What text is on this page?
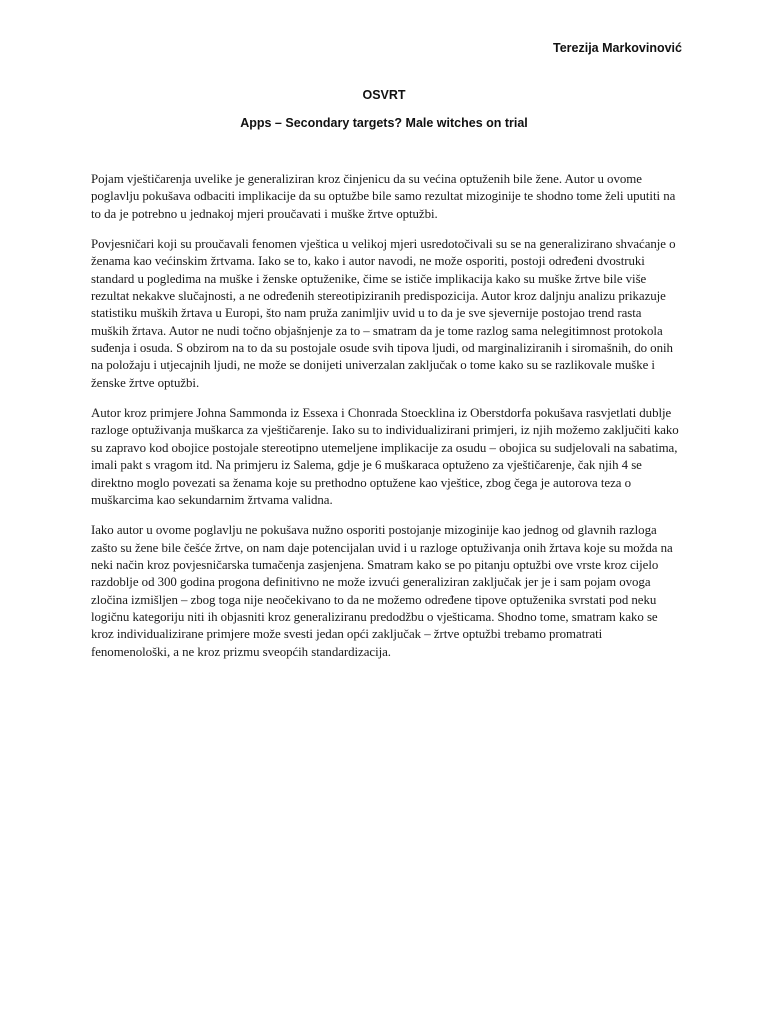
Terezija Markovinović
OSVRT
Apps – Secondary targets? Male witches on trial

Pojam vještičarenja uvelike je generaliziran kroz činjenicu da su većina optuženih bile žene. Autor u ovome poglavlju pokušava odbaciti implikacije da su optužbe bile samo rezultat mizoginije te shodno tome želi uputiti na to da je potrebno u jednakoj mjeri proučavati i muške žrtve optužbi.

Povjesničari koji su proučavali fenomen vještica u velikoj mjeri usredotočivali su se na generalizirano shvaćanje o ženama kao većinskim žrtvama. Iako se to, kako i autor navodi, ne može osporiti, postoji određeni dvostruki standard u pogledima na muške i ženske optuženike, čime se ističe implikacija kako su muške žrtve bile više rezultat nekakve slučajnosti, a ne određenih stereotipiziranih predispozicija. Autor kroz daljnju analizu prikazuje statistiku muških žrtava u Europi, što nam pruža zanimljiv uvid u to da je sve sjevernije postojao trend rasta muških žrtava. Autor ne nudi točno objašnjenje za to – smatram da je tome razlog sama nelegitimnost protokola suđenja i osuda. S obzirom na to da su postojale osude svih tipova ljudi, od marginaliziranih i siromašnih, do onih na položaju i utjecajnih ljudi, ne može se donijeti univerzalan zaključak o tome kako su se razlikovale muške i ženske žrtve optužbi.

Autor kroz primjere Johna Sammonda iz Essexa i Chonrada Stoecklina iz Oberstdorfa pokušava rasvjetlati dublje razloge optuživanja muškarca za vještičarenje. Iako su to individualizirani primjeri, iz njih možemo zaključiti kako su zapravo kod obojice postojale stereotipno utemeljene implikacije za osudu – obojica su sudjelovali na sabatima, imali pakt s vragom itd. Na primjeru iz Salema, gdje je 6 muškaraca optuženo za vještičarenje, čak njih 4 se direktno moglo povezati sa ženama koje su prethodno optužene kao vještice, zbog čega je autorova teza o muškarcima kao sekundarnim žrtvama validna.

Iako autor u ovome poglavlju ne pokušava nužno osporiti postojanje mizoginije kao jednog od glavnih razloga zašto su žene bile češće žrtve, on nam daje potencijalan uvid i u razloge optuživanja onih žrtava koje su možda na neki način kroz povjesničarska tumačenja zasjenjena. Smatram kako se po pitanju optužbi ove vrste kroz cijelo razdoblje od 300 godina progona definitivno ne može izvući generaliziran zaključak jer je i sam pojam ovoga zločina izmišljen – zbog toga nije neočekivano to da ne možemo određene tipove optuženika svrstati pod neku logičnu kategoriju niti ih objasniti kroz generaliziranu predodžbu o vješticama. Shodno tome, smatram kako se kroz individualizirane primjere može svesti jedan opći zaključak – žrtve optužbi trebamo promatrati fenomenološki, a ne kroz prizmu sveopćih standardizacija.
